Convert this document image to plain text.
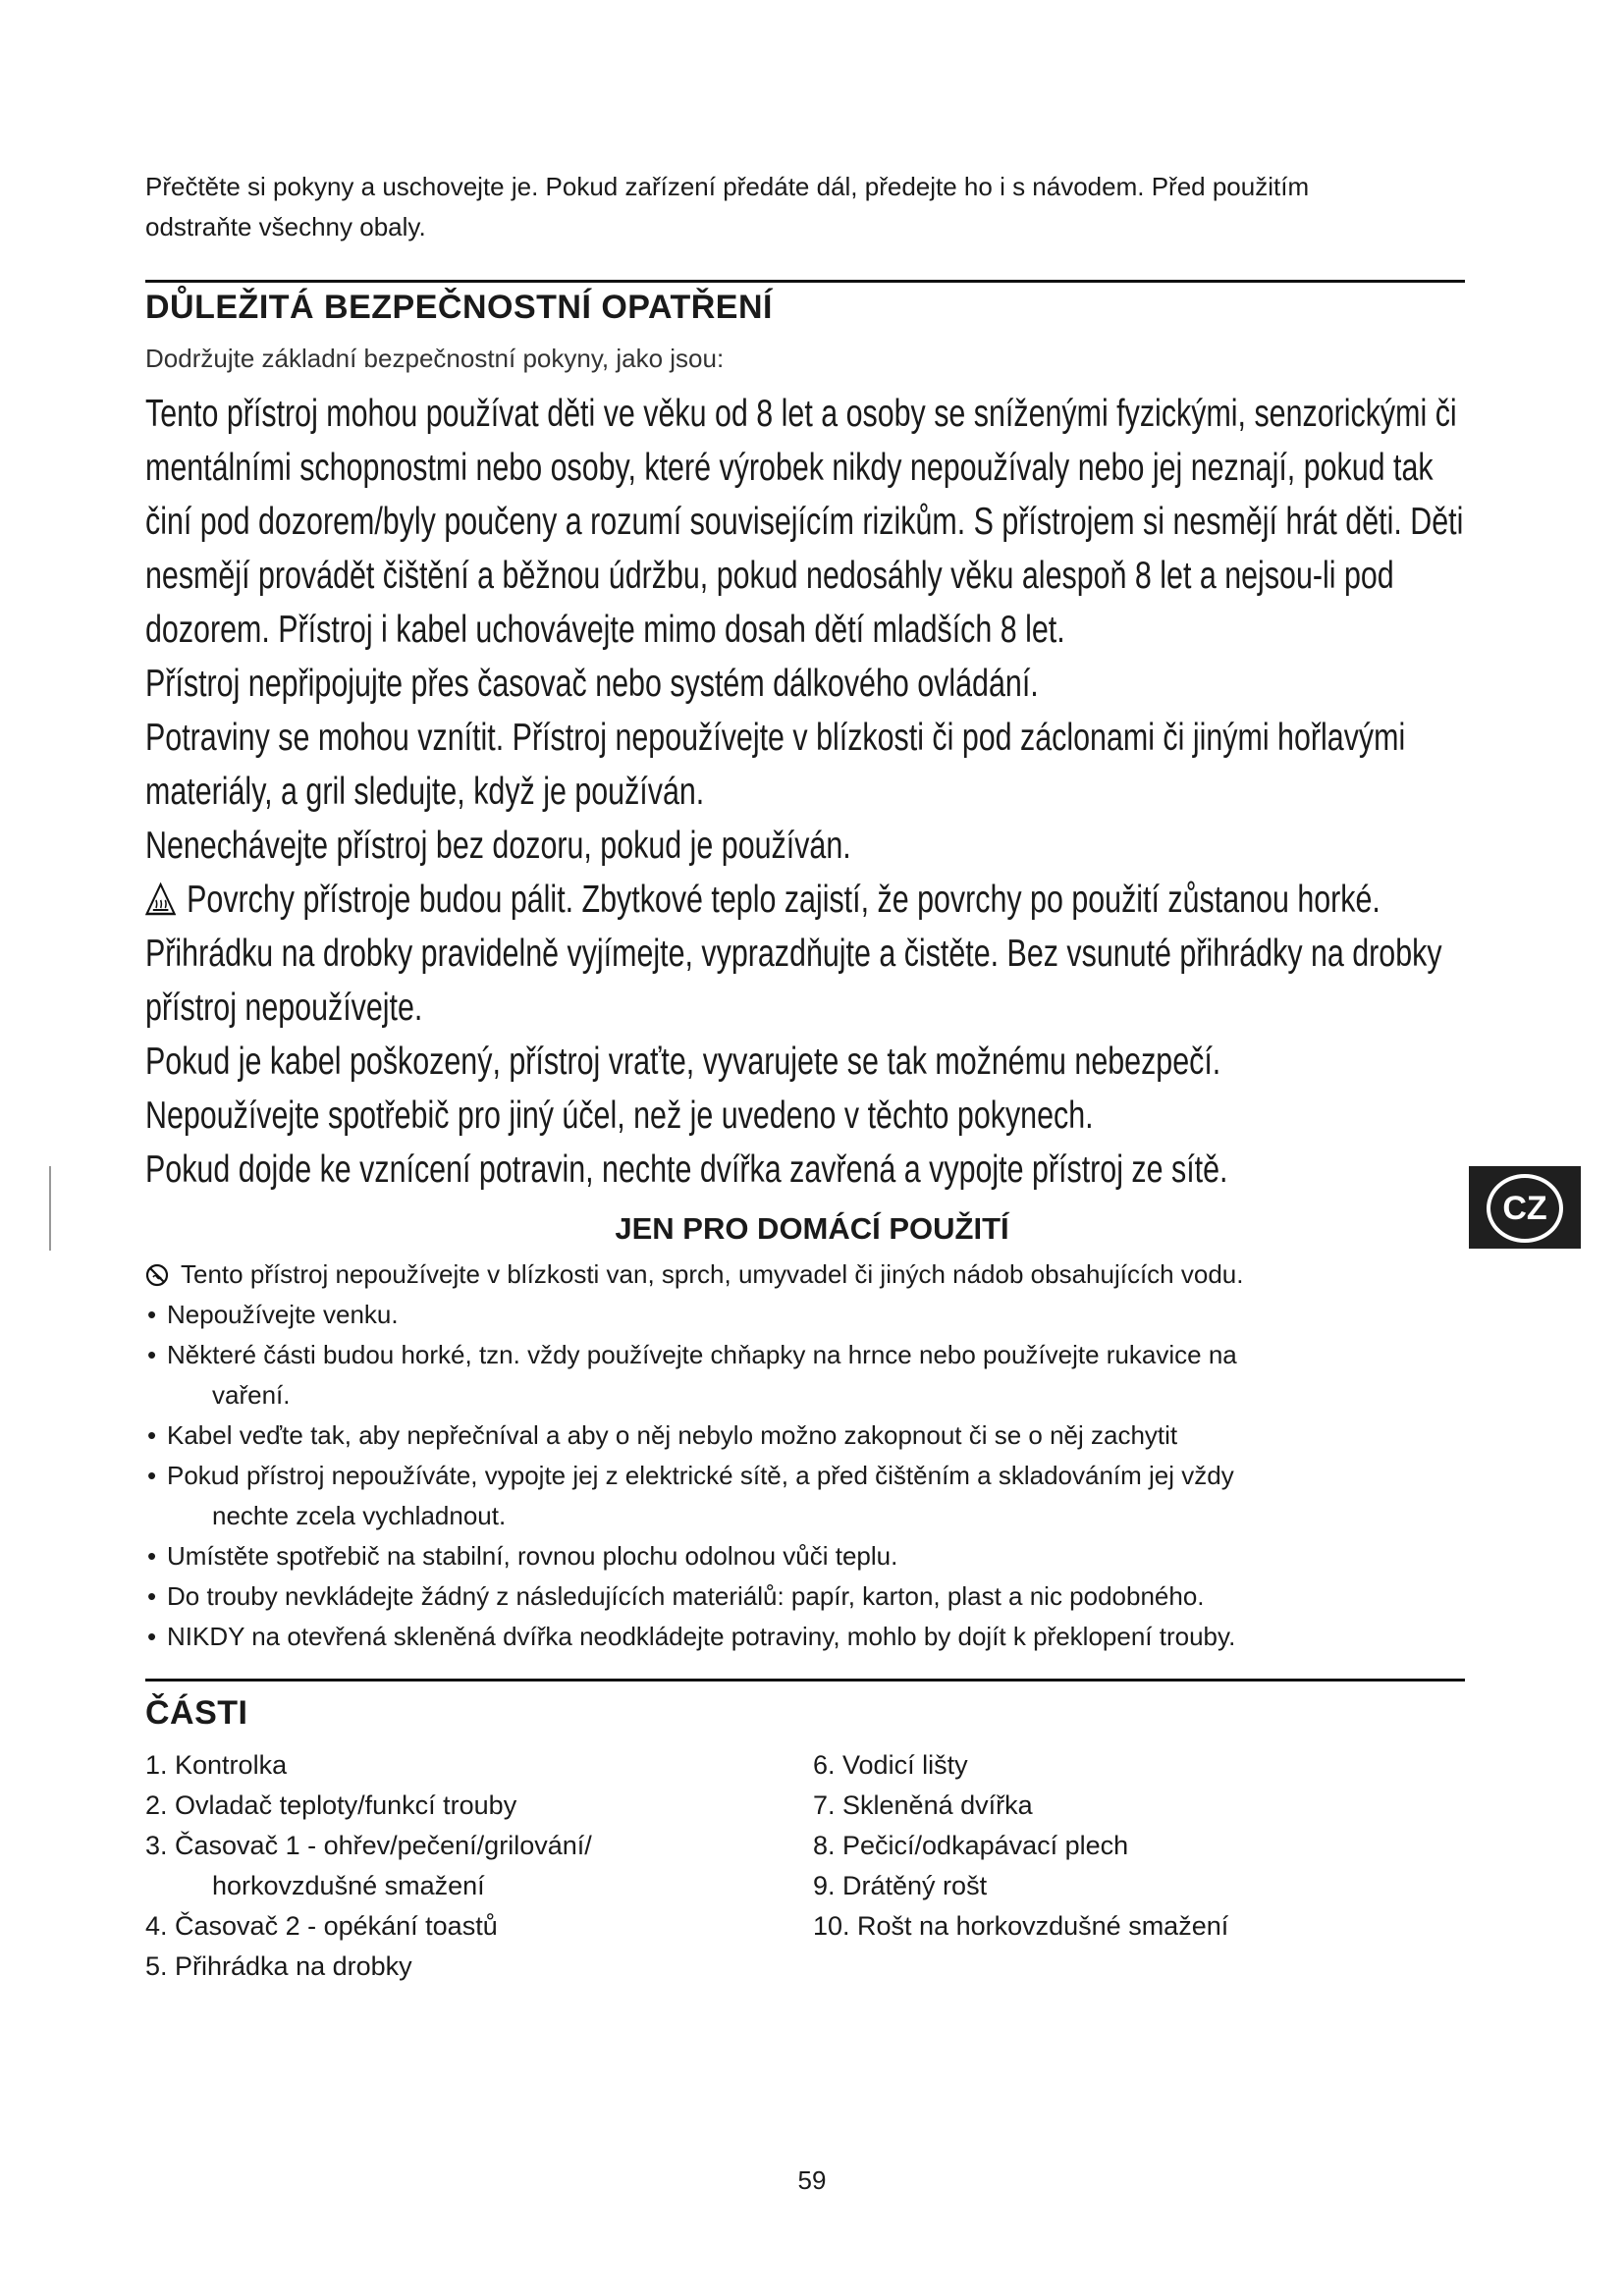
Přečtěte si pokyny a uschovejte je. Pokud zařízení předáte dál, předejte ho i s návodem. Před použitím
odstraňte všechny obaly.

DŮLEŽITÁ BEZPEČNOSTNÍ OPATŘENÍ

Dodržujte základní bezpečnostní pokyny, jako jsou:

Tento přístroj mohou používat děti ve věku od 8 let a osoby se sníženými fyzickými, senzorickými či
mentálními schopnostmi nebo osoby, které výrobek nikdy nepoužívaly nebo jej neznají, pokud tak
činí pod dozorem/byly poučeny a rozumí souvisejícím rizikům. S přístrojem si nesmějí hrát děti. Děti
nesmějí provádět čištění a běžnou údržbu, pokud nedosáhly věku alespoň 8 let a nejsou-li pod
dozorem. Přístroj i kabel uchovávejte mimo dosah dětí mladších 8 let.
Přístroj nepřipojujte přes časovač nebo systém dálkového ovládání.
Potraviny se mohou vznítit. Přístroj nepoužívejte v blízkosti či pod záclonami či jinými hořlavými
materiály, a gril sledujte, když je používán.
Nenechávejte přístroj bez dozoru, pokud je používán.
Povrchy přístroje budou pálit. Zbytkové teplo zajistí, že povrchy po použití zůstanou horké.
Přihrádku na drobky pravidelně vyjímejte, vyprazdňujte a čistěte. Bez vsunuté přihrádky na drobky
přístroj nepoužívejte.
Pokud je kabel poškozený, přístroj vraťte, vyvarujete se tak možnému nebezpečí.
Nepoužívejte spotřebič pro jiný účel, než je uvedeno v těchto pokynech.
Pokud dojde ke vznícení potravin, nechte dvířka zavřená a vypojte přístroj ze sítě.
JEN PRO DOMÁCÍ POUŽITÍ
Tento přístroj nepoužívejte v blízkosti van, sprch, umyvadel či jiných nádob obsahujících vodu.
• Nepoužívejte venku.
• Některé části budou horké, tzn. vždy používejte chňapky na hrnce nebo používejte rukavice na
vaření.
• Kabel veďte tak, aby nepřečníval a aby o něj nebylo možno zakopnout či se o něj zachytit
• Pokud přístroj nepoužíváte, vypojte jej z elektrické sítě, a před čištěním a skladováním jej vždy
nechte zcela vychladnout.
• Umístěte spotřebič na stabilní, rovnou plochu odolnou vůči teplu.
• Do trouby nevkládejte žádný z následujících materiálů: papír, karton, plast a nic podobného.
• NIKDY na otevřená skleněná dvířka neodkládejte potraviny, mohlo by dojít k překlopení trouby.
ČÁSTI
1. Kontrolka
2. Ovladač teploty/funkcí trouby
3. Časovač 1 - ohřev/pečení/grilování/
horkovzdušné smažení
4. Časovač 2 - opékání toastů
5. Přihrádka na drobky
6. Vodicí lišty
7. Skleněná dvířka
8. Pečicí/odkapávací plech
9. Drátěný rošt
10. Rošt na horkovzdušné smažení
CZ

59
